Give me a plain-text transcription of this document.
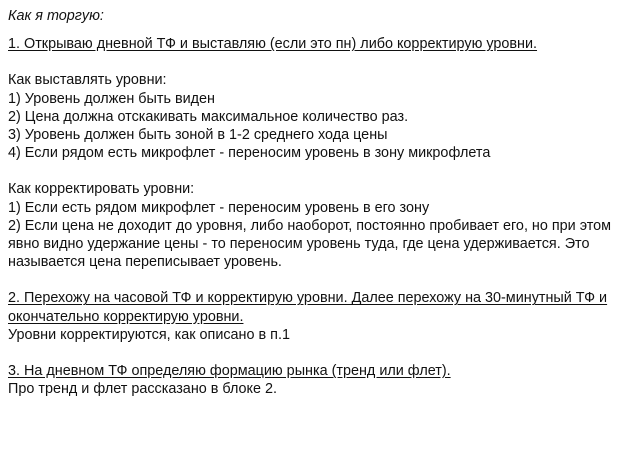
Как я торгую:

1. Открываю дневной ТФ и выставляю (если это пн) либо корректирую уровни.

Как выставлять уровни:

1) Уровень должен быть виден

2) Цена должна отскакивать максимальное количество раз.

3) Уровень должен быть зоной в 1-2 среднего хода цены

4) Если рядом есть микрофлет - переносим уровень в зону микрофлета

Как корректировать уровни:

1) Если есть рядом микрофлет - переносим уровень в его зону

2) Если цена не доходит до уровня, либо наоборот, постоянно пробивает его, но при этом явно видно удержание цены - то переносим уровень туда, где цена удерживается. Это называется цена переписывает уровень.

2. Перехожу на часовой ТФ и корректирую уровни. Далее перехожу на 30-минутный ТФ и окончательно корректирую уровни.

Уровни корректируются, как описано в п.1

3. На дневном ТФ определяю формацию рынка (тренд или флет).

Про тренд и флет рассказано в блоке 2.
